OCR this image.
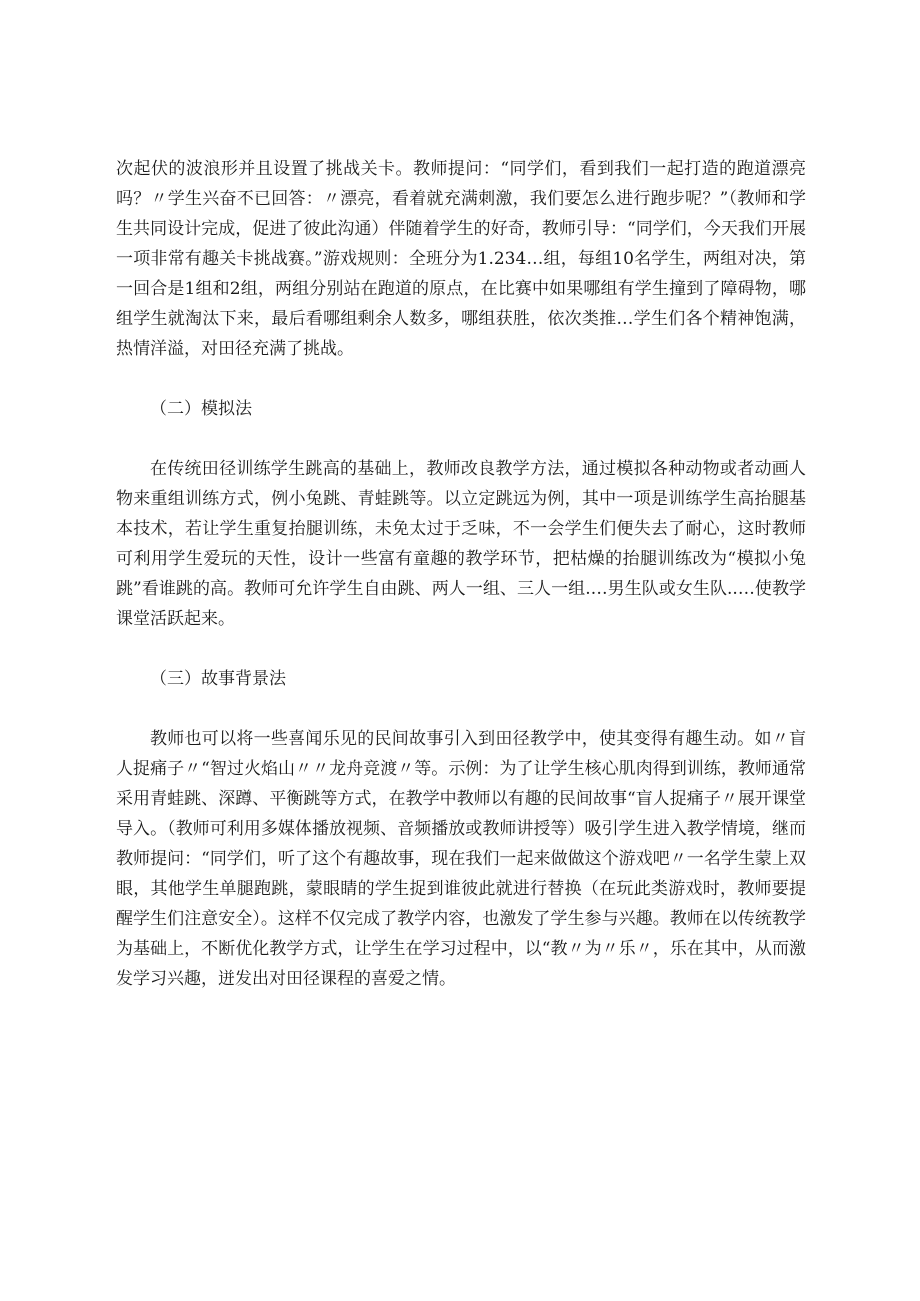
次起伏的波浪形并且设置了挑战关卡。教师提问：“同学们，看到我们一起打造的跑道漂亮吗？〃学生兴奋不已回答：〃漂亮，看着就充满刺激，我们要怎么进行跑步呢？”（教师和学生共同设计完成，促进了彼此沟通）伴随着学生的好奇，教师引导：“同学们，今天我们开展一项非常有趣关卡挑战赛。”游戏规则：全班分为1.234…组，每组10名学生，两组对决，第一回合是1组和2组，两组分别站在跑道的原点，在比赛中如果哪组有学生撞到了障碍物，哪组学生就淘汰下来，最后看哪组剩余人数多，哪组获胜，依次类推…学生们各个精神饱满，热情洋溢，对田径充满了挑战。

（二）模拟法

在传统田径训练学生跳高的基础上，教师改良教学方法，通过模拟各种动物或者动画人物来重组训练方式，例小兔跳、青蛙跳等。以立定跳远为例，其中一项是训练学生高抬腿基本技术，若让学生重复抬腿训练，未免太过于乏味，不一会学生们便失去了耐心，这时教师可利用学生爱玩的天性，设计一些富有童趣的教学环节，把枯燥的抬腿训练改为“模拟小兔跳”看谁跳的高。教师可允许学生自由跳、两人一组、三人一组.…男生队或女生队..…使教学课堂活跃起来。

（三）故事背景法

教师也可以将一些喜闻乐见的民间故事引入到田径教学中，使其变得有趣生动。如〃盲人捉痛子〃“智过火焰山〃〃龙舟竞渡〃等。示例：为了让学生核心肌肉得到训练，教师通常采用青蛙跳、深蹲、平衡跳等方式，在教学中教师以有趣的民间故事“盲人捉痛子〃展开课堂导入。（教师可利用多媒体播放视频、音频播放或教师讲授等）吸引学生进入教学情境，继而教师提问：“同学们，听了这个有趣故事，现在我们一起来做做这个游戏吧〃一名学生蒙上双眼，其他学生单腿跑跳，蒙眼睛的学生捉到谁彼此就进行替换（在玩此类游戏时，教师要提醒学生们注意安全）。这样不仅完成了教学内容，也激发了学生参与兴趣。教师在以传统教学为基础上，不断优化教学方式，让学生在学习过程中，以“教〃为〃乐〃，乐在其中，从而激发学习兴趣，迸发出对田径课程的喜爱之情。
